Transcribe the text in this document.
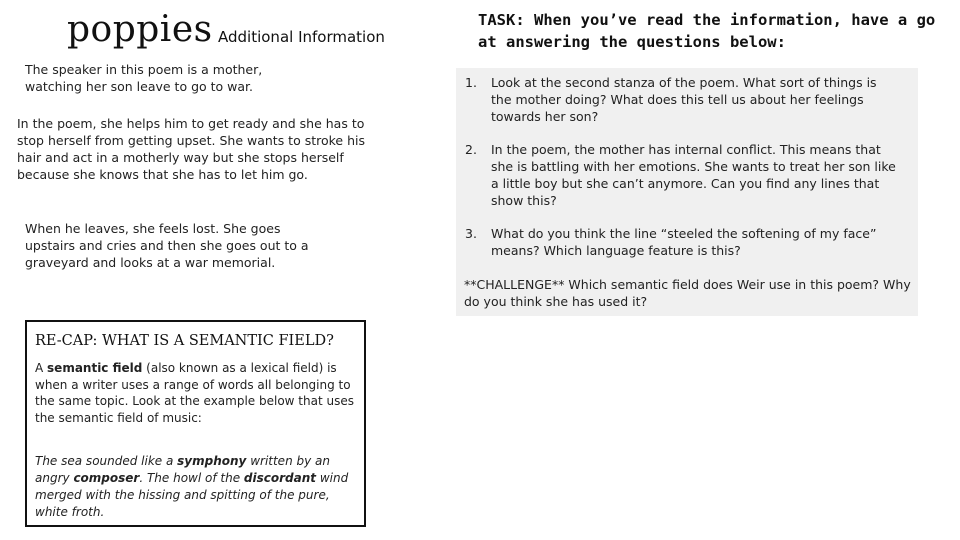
poppies Additional Information
The speaker in this poem is a mother, watching her son leave to go to war.
In the poem, she helps him to get ready and she has to stop herself from getting upset. She wants to stroke his hair and act in a motherly way but she stops herself because she knows that she has to let him go.
When he leaves, she feels lost. She goes upstairs and cries and then she goes out to a graveyard and looks at a war memorial.
TASK: When you’ve read the information, have a go at answering the questions below:
1. Look at the second stanza of the poem. What sort of things is the mother doing? What does this tell us about her feelings towards her son?
2. In the poem, the mother has internal conflict. This means that she is battling with her emotions. She wants to treat her son like a little boy but she can’t anymore. Can you find any lines that show this?
3. What do you think the line “steeled the softening of my face” means? Which language feature is this?
**CHALLENGE** Which semantic field does Weir use in this poem? Why do you think she has used it?
RE-CAP: WHAT IS A SEMANTIC FIELD?
A semantic field (also known as a lexical field) is when a writer uses a range of words all belonging to the same topic. Look at the example below that uses the semantic field of music:
The sea sounded like a symphony written by an angry composer. The howl of the discordant wind merged with the hissing and spitting of the pure, white froth.
